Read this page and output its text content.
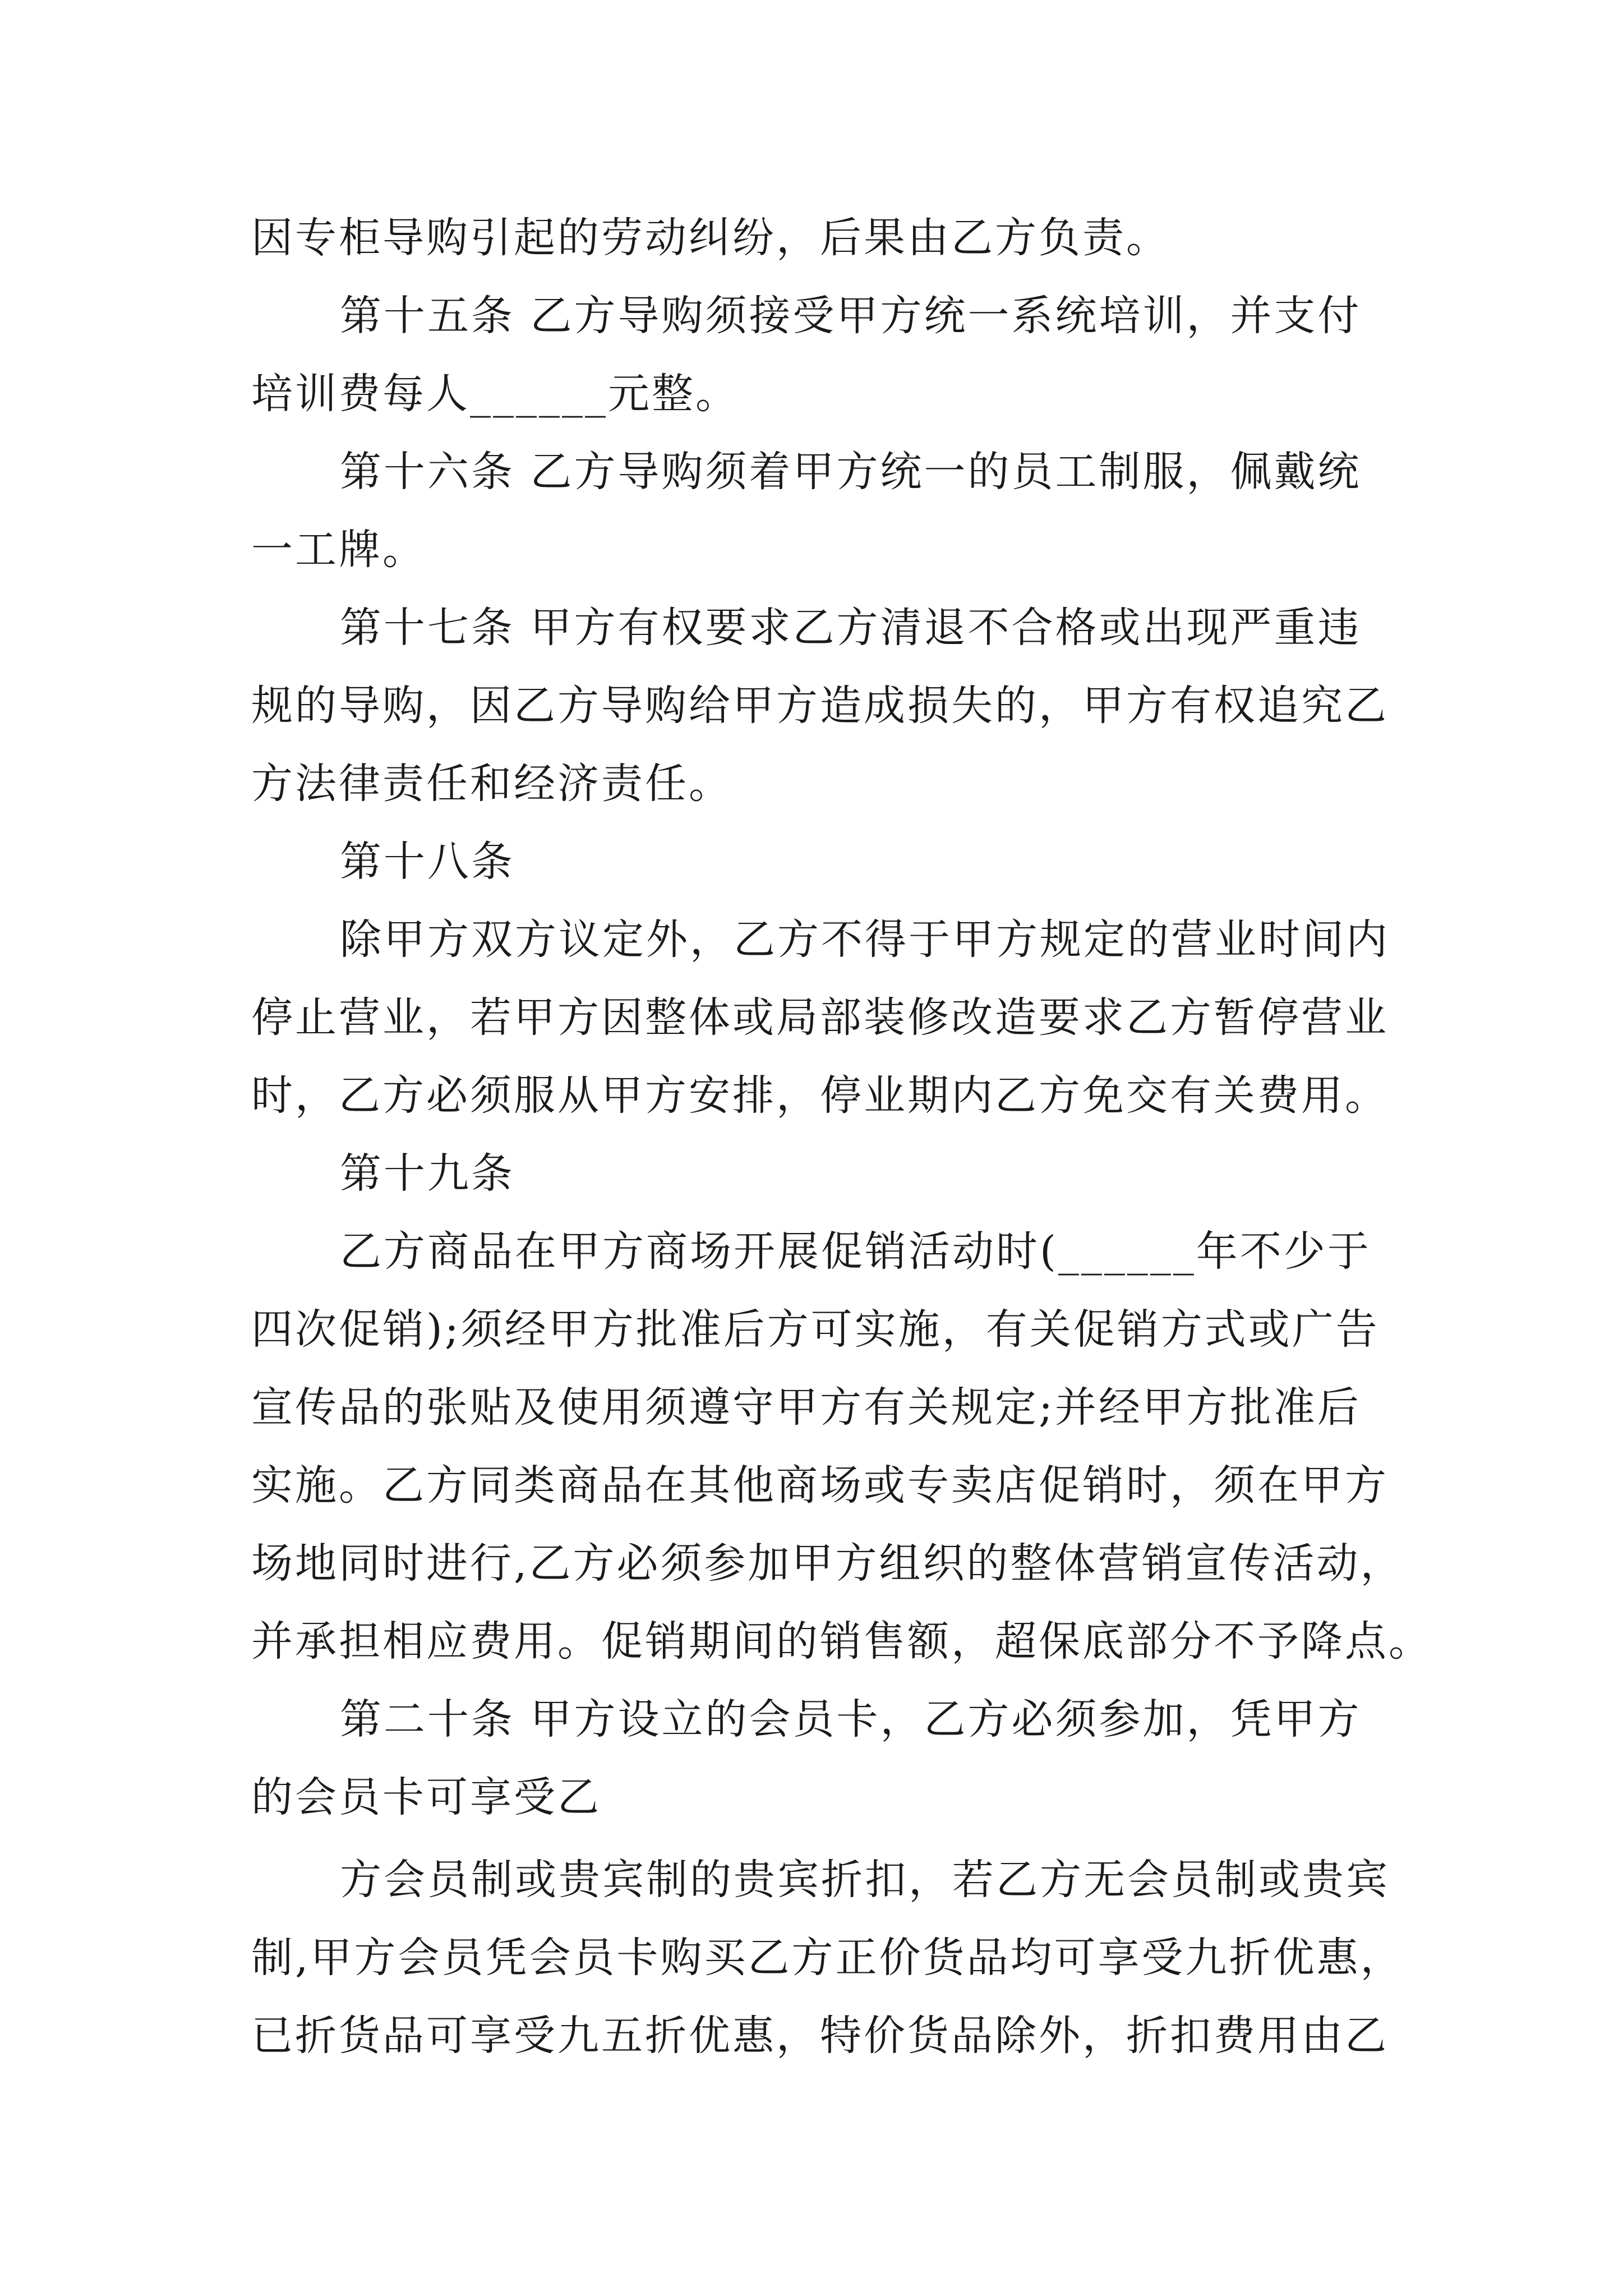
因专柜导购引起的劳动纠纷，后果由乙方负责。
第十五条 乙方导购须接受甲方统一系统培训，并支付
培训费每人______元整。
第十六条 乙方导购须着甲方统一的员工制服，佩戴统
一工牌。
第十七条 甲方有权要求乙方清退不合格或出现严重违
规的导购，因乙方导购给甲方造成损失的，甲方有权追究乙
方法律责任和经济责任。
第十八条
除甲方双方议定外，乙方不得于甲方规定的营业时间内
停止营业，若甲方因整体或局部装修改造要求乙方暂停营业
时，乙方必须服从甲方安排，停业期内乙方免交有关费用。
第十九条
乙方商品在甲方商场开展促销活动时(______年不少于
四次促销);须经甲方批准后方可实施，有关促销方式或广告
宣传品的张贴及使用须遵守甲方有关规定;并经甲方批准后
实施。乙方同类商品在其他商场或专卖店促销时，须在甲方
场地同时进行,乙方必须参加甲方组织的整体营销宣传活动，
并承担相应费用。促销期间的销售额，超保底部分不予降点。
第二十条 甲方设立的会员卡，乙方必须参加，凭甲方
的会员卡可享受乙
方会员制或贵宾制的贵宾折扣，若乙方无会员制或贵宾
制,甲方会员凭会员卡购买乙方正价货品均可享受九折优惠，
已折货品可享受九五折优惠，特价货品除外，折扣费用由乙
